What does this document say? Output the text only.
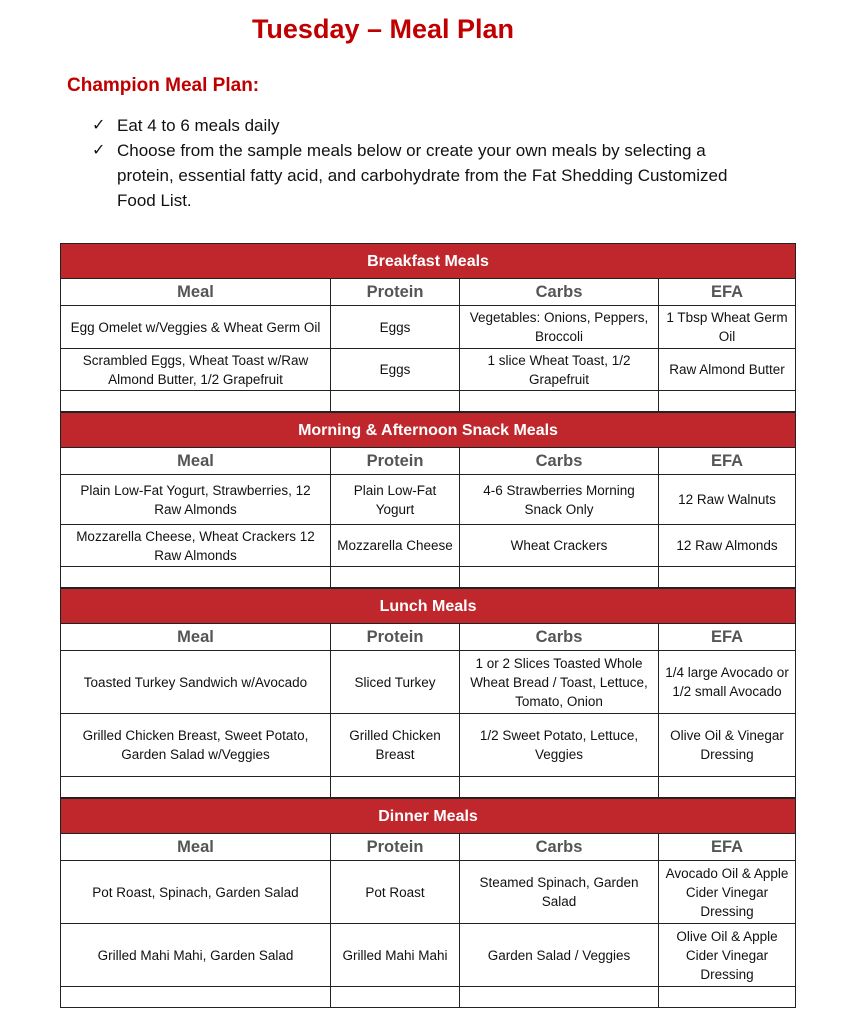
Tuesday – Meal Plan
Champion Meal Plan:
✓ Eat 4 to 6 meals daily
✓ Choose from the sample meals below or create your own meals by selecting a protein, essential fatty acid, and carbohydrate from the Fat Shedding Customized Food List.
Breakfast Meals			
Meal	Protein	Carbs	EFA
Egg Omelet w/Veggies & Wheat Germ Oil	Eggs	Vegetables: Onions, Peppers, Broccoli	1 Tbsp Wheat Germ Oil
Scrambled Eggs, Wheat Toast w/Raw Almond Butter, 1/2 Grapefruit	Eggs	1 slice Wheat Toast, 1/2 Grapefruit	Raw Almond Butter

Morning & Afternoon Snack Meals			
Meal	Protein	Carbs	EFA
Plain Low-Fat Yogurt, Strawberries, 12 Raw Almonds	Plain Low-Fat Yogurt	4-6 Strawberries Morning Snack Only	12 Raw Walnuts
Mozzarella Cheese, Wheat Crackers 12 Raw Almonds	Mozzarella Cheese	Wheat Crackers	12 Raw Almonds

Lunch Meals			
Meal	Protein	Carbs	EFA
Toasted Turkey Sandwich w/Avocado	Sliced Turkey	1 or 2 Slices Toasted Whole Wheat Bread / Toast, Lettuce, Tomato, Onion	1/4 large Avocado or 1/2 small Avocado
Grilled Chicken Breast, Sweet Potato, Garden Salad w/Veggies	Grilled Chicken Breast	1/2 Sweet Potato, Lettuce, Veggies	Olive Oil & Vinegar Dressing

Dinner Meals			
Meal	Protein	Carbs	EFA
Pot Roast, Spinach, Garden Salad	Pot Roast	Steamed Spinach, Garden Salad	Avocado Oil & Apple Cider Vinegar Dressing
Grilled Mahi Mahi, Garden Salad	Grilled Mahi Mahi	Garden Salad / Veggies	Olive Oil & Apple Cider Vinegar Dressing
